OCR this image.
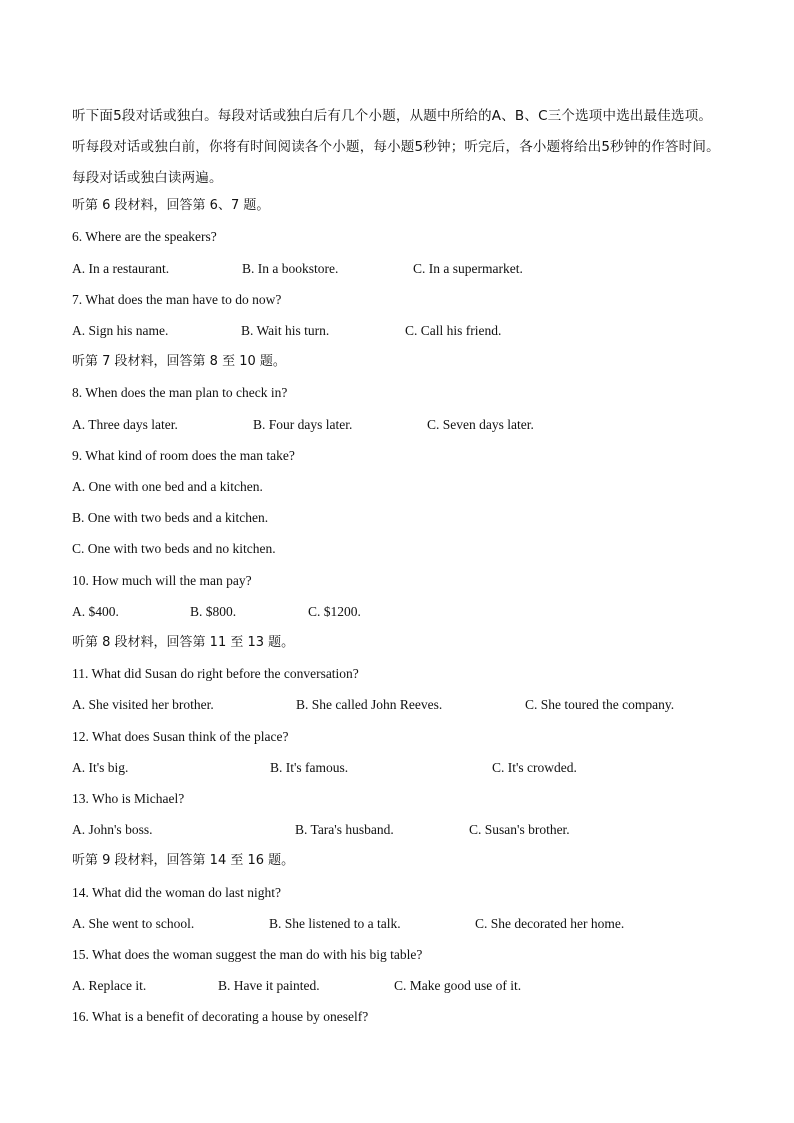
听下面5段对话或独白。每段对话或独白后有几个小题，从题中所给的A、B、C三个选项中选出最佳选项。听每段对话或独白前，你将有时间阅读各个小题，每小题5秒钟；听完后，各小题将给出5秒钟的作答时间。每段对话或独白读两遍。
听第 6 段材料，回答第 6、7 题。
6. Where are the speakers?
A. In a restaurant.	B. In a bookstore.	C. In a supermarket.
7. What does the man have to do now?
A. Sign his name.	B. Wait his turn.	C. Call his friend.
听第 7 段材料，回答第 8 至 10 题。
8. When does the man plan to check in?
A. Three days later.	B. Four days later.	C. Seven days later.
9. What kind of room does the man take?
A. One with one bed and a kitchen.
B. One with two beds and a kitchen.
C. One with two beds and no kitchen.
10. How much will the man pay?
A. $400.	B. $800.	C. $1200.
听第 8 段材料，回答第 11 至 13 题。
11. What did Susan do right before the conversation?
A. She visited her brother.	B. She called John Reeves.	C. She toured the company.
12. What does Susan think of the place?
A. It's big.	B. It's famous.	C. It's crowded.
13. Who is Michael?
A. John's boss.	B. Tara's husband.	C. Susan's brother.
听第 9 段材料，回答第 14 至 16 题。
14. What did the woman do last night?
A. She went to school.	B. She listened to a talk.	C. She decorated her home.
15. What does the woman suggest the man do with his big table?
A. Replace it.	B. Have it painted.	C. Make good use of it.
16. What is a benefit of decorating a house by oneself?
